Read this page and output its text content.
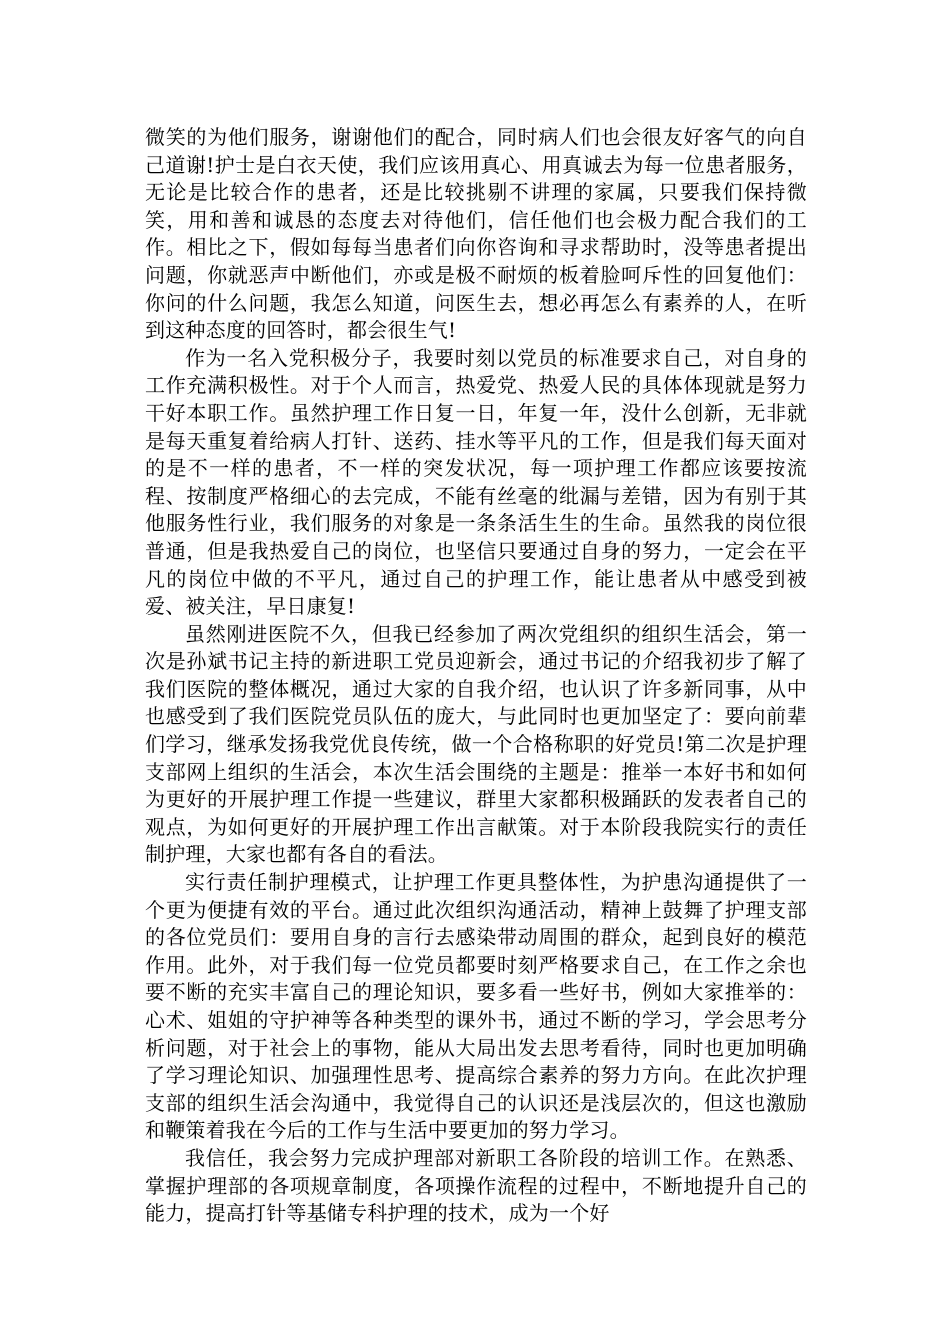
微笑的为他们服务，谢谢他们的配合，同时病人们也会很友好客气的向自己道谢!护士是白衣天使，我们应该用真心、用真诚去为每一位患者服务，无论是比较合作的患者，还是比较挑剔不讲理的家属，只要我们保持微笑，用和善和诚恳的态度去对待他们，信任他们也会极力配合我们的工作。相比之下，假如每每当患者们向你咨询和寻求帮助时，没等患者提出问题，你就恶声中断他们，亦或是极不耐烦的板着脸呵斥性的回复他们：你问的什么问题，我怎么知道，问医生去，想必再怎么有素养的人，在听到这种态度的回答时，都会很生气!

作为一名入党积极分子，我要时刻以党员的标准要求自己，对自身的工作充满积极性。对于个人而言，热爱党、热爱人民的具体体现就是努力干好本职工作。虽然护理工作日复一日，年复一年，没什么创新，无非就是每天重复着给病人打针、送药、挂水等平凡的工作，但是我们每天面对的是不一样的患者，不一样的突发状况，每一项护理工作都应该要按流程、按制度严格细心的去完成，不能有丝毫的纰漏与差错，因为有别于其他服务性行业，我们服务的对象是一条条活生生的生命。虽然我的岗位很普通，但是我热爱自己的岗位，也坚信只要通过自身的努力，一定会在平凡的岗位中做的不平凡，通过自己的护理工作，能让患者从中感受到被爱、被关注，早日康复!

虽然刚进医院不久，但我已经参加了两次党组织的组织生活会，第一次是孙斌书记主持的新进职工党员迎新会，通过书记的介绍我初步了解了我们医院的整体概况，通过大家的自我介绍，也认识了许多新同事，从中也感受到了我们医院党员队伍的庞大，与此同时也更加坚定了：要向前辈们学习，继承发扬我党优良传统，做一个合格称职的好党员!第二次是护理支部网上组织的生活会，本次生活会围绕的主题是：推举一本好书和如何为更好的开展护理工作提一些建议，群里大家都积极踊跃的发表者自己的观点，为如何更好的开展护理工作出言献策。对于本阶段我院实行的责任制护理，大家也都有各自的看法。

实行责任制护理模式，让护理工作更具整体性，为护患沟通提供了一个更为便捷有效的平台。通过此次组织沟通活动，精神上鼓舞了护理支部的各位党员们：要用自身的言行去感染带动周围的群众，起到良好的模范作用。此外，对于我们每一位党员都要时刻严格要求自己，在工作之余也要不断的充实丰富自己的理论知识，要多看一些好书，例如大家推举的：心术、姐姐的守护神等各种类型的课外书，通过不断的学习，学会思考分析问题，对于社会上的事物，能从大局出发去思考看待，同时也更加明确了学习理论知识、加强理性思考、提高综合素养的努力方向。在此次护理支部的组织生活会沟通中，我觉得自己的认识还是浅层次的，但这也激励和鞭策着我在今后的工作与生活中要更加的努力学习。

我信任，我会努力完成护理部对新职工各阶段的培训工作。在熟悉、掌握护理部的各项规章制度，各项操作流程的过程中，不断地提升自己的能力，提高打针等基储专科护理的技术，成为一个好
